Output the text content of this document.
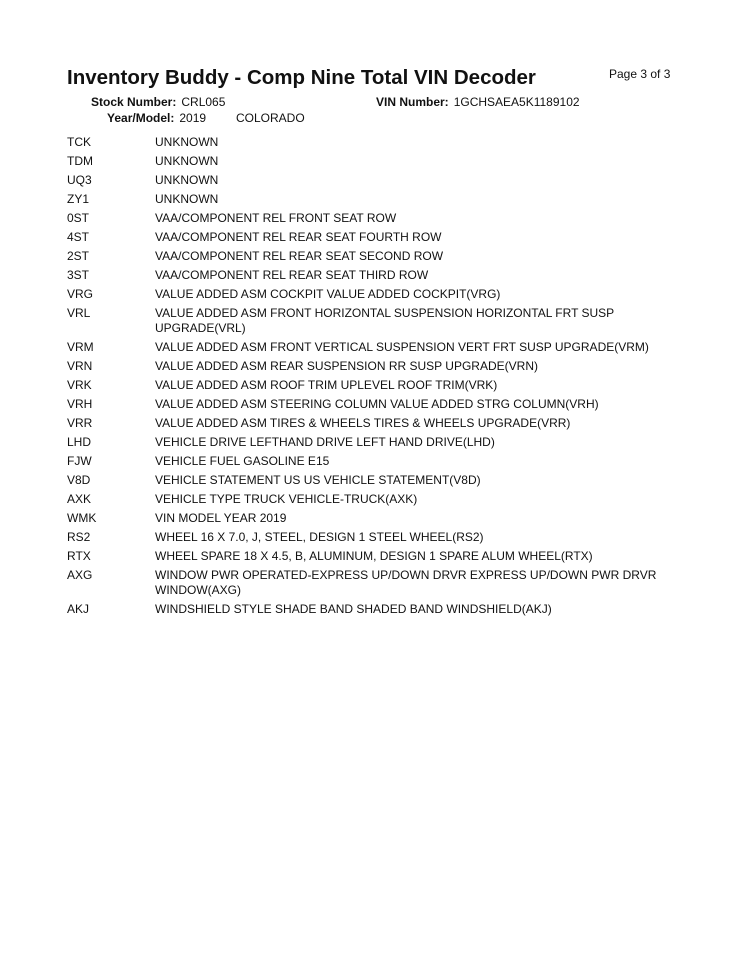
Inventory Buddy - Comp Nine Total VIN Decoder	Page 3 of 3
Stock Number: CRL065	VIN Number: 1GCHSAEA5K1189102
Year/Model: 2019 COLORADO
TCK	UNKNOWN
TDM	UNKNOWN
UQ3	UNKNOWN
ZY1	UNKNOWN
0ST	VAA/COMPONENT REL FRONT SEAT ROW
4ST	VAA/COMPONENT REL REAR SEAT FOURTH ROW
2ST	VAA/COMPONENT REL REAR SEAT SECOND ROW
3ST	VAA/COMPONENT REL REAR SEAT THIRD ROW
VRG	VALUE ADDED ASM COCKPIT VALUE ADDED COCKPIT(VRG)
VRL	VALUE ADDED ASM FRONT HORIZONTAL SUSPENSION HORIZONTAL FRT SUSP UPGRADE(VRL)
VRM	VALUE ADDED ASM FRONT VERTICAL SUSPENSION VERT FRT SUSP UPGRADE(VRM)
VRN	VALUE ADDED ASM REAR SUSPENSION RR SUSP UPGRADE(VRN)
VRK	VALUE ADDED ASM ROOF TRIM UPLEVEL ROOF TRIM(VRK)
VRH	VALUE ADDED ASM STEERING COLUMN VALUE ADDED STRG COLUMN(VRH)
VRR	VALUE ADDED ASM TIRES & WHEELS TIRES & WHEELS UPGRADE(VRR)
LHD	VEHICLE DRIVE LEFTHAND DRIVE LEFT HAND DRIVE(LHD)
FJW	VEHICLE FUEL GASOLINE E15
V8D	VEHICLE STATEMENT US US VEHICLE STATEMENT(V8D)
AXK	VEHICLE TYPE TRUCK VEHICLE-TRUCK(AXK)
WMK	VIN MODEL YEAR 2019
RS2	WHEEL 16 X 7.0, J, STEEL, DESIGN 1 STEEL WHEEL(RS2)
RTX	WHEEL SPARE 18 X 4.5, B, ALUMINUM, DESIGN 1 SPARE ALUM WHEEL(RTX)
AXG	WINDOW PWR OPERATED-EXPRESS UP/DOWN DRVR EXPRESS UP/DOWN PWR DRVR WINDOW(AXG)
AKJ	WINDSHIELD STYLE SHADE BAND SHADED BAND WINDSHIELD(AKJ)
